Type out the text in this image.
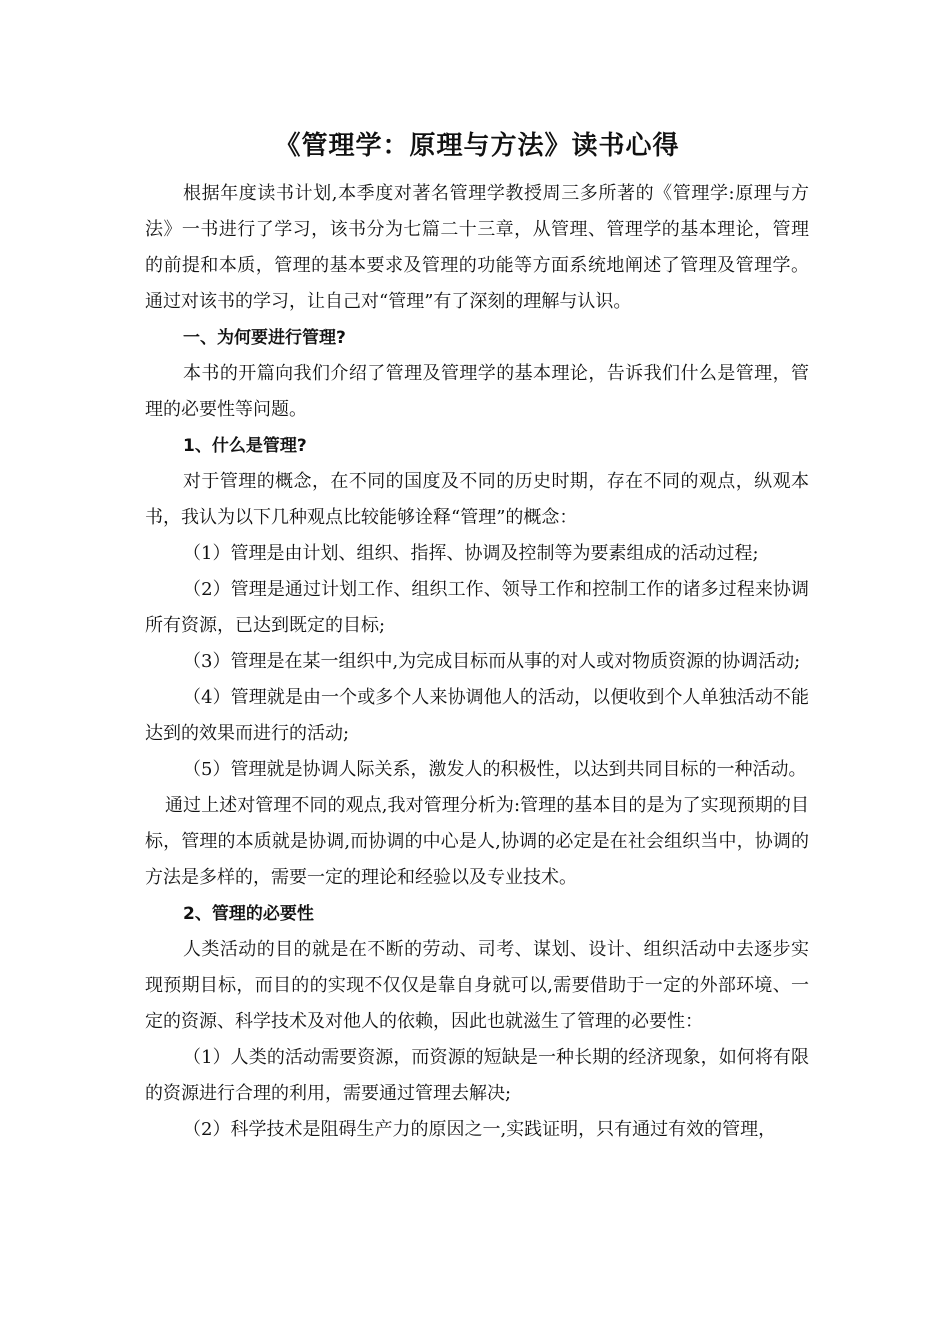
《管理学：原理与方法》读书心得

根据年度读书计划,本季度对著名管理学教授周三多所著的《管理学:原理与方法》一书进行了学习，该书分为七篇二十三章，从管理、管理学的基本理论，管理的前提和本质，管理的基本要求及管理的功能等方面系统地阐述了管理及管理学。通过对该书的学习，让自己对“管理”有了深刻的理解与认识。

一、为何要进行管理?

本书的开篇向我们介绍了管理及管理学的基本理论，告诉我们什么是管理，管理的必要性等问题。

1、什么是管理?

对于管理的概念，在不同的国度及不同的历史时期，存在不同的观点，纵观本书，我认为以下几种观点比较能够诠释“管理”的概念：

（1）管理是由计划、组织、指挥、协调及控制等为要素组成的活动过程;

（2）管理是通过计划工作、组织工作、领导工作和控制工作的诸多过程来协调所有资源，已达到既定的目标;

（3）管理是在某一组织中,为完成目标而从事的对人或对物质资源的协调活动;

（4）管理就是由一个或多个人来协调他人的活动，以便收到个人单独活动不能达到的效果而进行的活动;

（5）管理就是协调人际关系，激发人的积极性，以达到共同目标的一种活动。

通过上述对管理不同的观点,我对管理分析为:管理的基本目的是为了实现预期的目标，管理的本质就是协调,而协调的中心是人,协调的必定是在社会组织当中，协调的方法是多样的，需要一定的理论和经验以及专业技术。

2、管理的必要性

人类活动的目的就是在不断的劳动、司考、谋划、设计、组织活动中去逐步实现预期目标，而目的的实现不仅仅是靠自身就可以,需要借助于一定的外部环境、一定的资源、科学技术及对他人的依赖，因此也就滋生了管理的必要性：

（1）人类的活动需要资源，而资源的短缺是一种长期的经济现象，如何将有限的资源进行合理的利用，需要通过管理去解决;

（2）科学技术是阻碍生产力的原因之一,实践证明，只有通过有效的管理，
